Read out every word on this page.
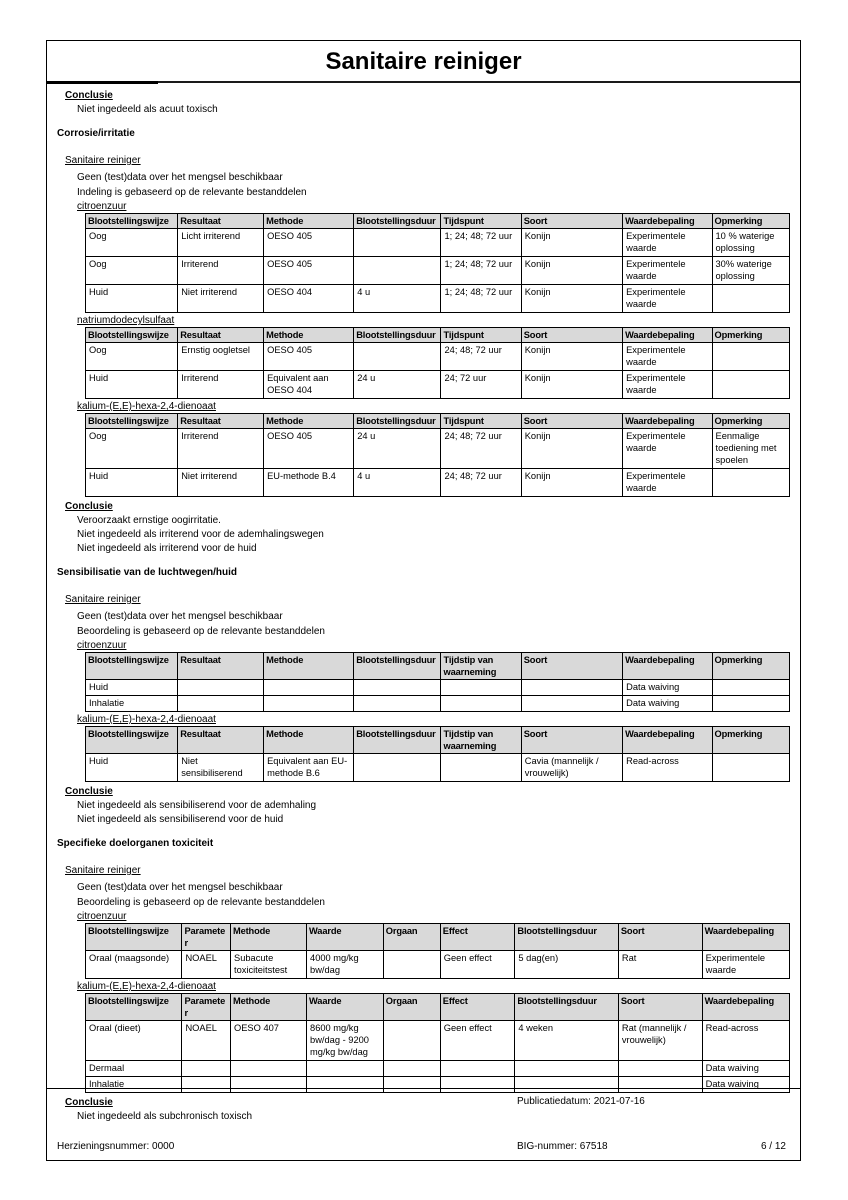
Sanitaire reiniger
Conclusie
Niet ingedeeld als acuut toxisch
Corrosie/irritatie
Sanitaire reiniger
Geen (test)data over het mengsel beschikbaar
Indeling is gebaseerd op de relevante bestanddelen
citroenzuur
Blootstellingswijze	Resultaat	Methode	Blootstellingsduur	Tijdspunt	Soort	Waardebepaling	Opmerking
Oog	Licht irriterend	OESO 405		1; 24; 48; 72 uur	Konijn	Experimentele waarde	10 % waterige oplossing
Oog	Irriterend	OESO 405		1; 24; 48; 72 uur	Konijn	Experimentele waarde	30% waterige oplossing
Huid	Niet irriterend	OESO 404	4 u	1; 24; 48; 72 uur	Konijn	Experimentele waarde	
natriumdodecylsulfaat
Blootstellingswijze	Resultaat	Methode	Blootstellingsduur	Tijdspunt	Soort	Waardebepaling	Opmerking
Oog	Ernstig oogletsel	OESO 405		24; 48; 72 uur	Konijn	Experimentele waarde	
Huid	Irriterend	Equivalent aan OESO 404	24 u	24; 72 uur	Konijn	Experimentele waarde	
kalium-(E,E)-hexa-2,4-dienoaat
Blootstellingswijze	Resultaat	Methode	Blootstellingsduur	Tijdspunt	Soort	Waardebepaling	Opmerking
Oog	Irriterend	OESO 405	24 u	24; 48; 72 uur	Konijn	Experimentele waarde	Eenmalige toediening met spoelen
Huid	Niet irriterend	EU-methode B.4	4 u	24; 48; 72 uur	Konijn	Experimentele waarde	
Conclusie
Veroorzaakt ernstige oogirritatie.
Niet ingedeeld als irriterend voor de ademhalingswegen
Niet ingedeeld als irriterend voor de huid
Sensibilisatie van de luchtwegen/huid
Sanitaire reiniger
Geen (test)data over het mengsel beschikbaar
Beoordeling is gebaseerd op de relevante bestanddelen
citroenzuur
Blootstellingswijze	Resultaat	Methode	Blootstellingsduur	Tijdstip van waarneming	Soort	Waardebepaling	Opmerking
Huid						Data waiving	
Inhalatie						Data waiving	
kalium-(E,E)-hexa-2,4-dienoaat
Blootstellingswijze	Resultaat	Methode	Blootstellingsduur	Tijdstip van waarneming	Soort	Waardebepaling	Opmerking
Huid	Niet sensibiliserend	Equivalent aan EU-methode B.6			Cavia (mannelijk / vrouwelijk)	Read-across	
Conclusie
Niet ingedeeld als sensibiliserend voor de ademhaling
Niet ingedeeld als sensibiliserend voor de huid
Specifieke doelorganen toxiciteit
Sanitaire reiniger
Geen (test)data over het mengsel beschikbaar
Beoordeling is gebaseerd op de relevante bestanddelen
citroenzuur
Blootstellingswijze	Parameter	Methode	Waarde	Orgaan	Effect	Blootstellingsduur	Soort	Waardebepaling
Oraal (maagsonde)	NOAEL	Subacute toxiciteitstest	4000 mg/kg bw/dag		Geen effect	5 dag(en)	Rat	Experimentele waarde
kalium-(E,E)-hexa-2,4-dienoaat
Blootstellingswijze	Parameter	Methode	Waarde	Orgaan	Effect	Blootstellingsduur	Soort	Waardebepaling
Oraal (dieet)	NOAEL	OESO 407	8600 mg/kg bw/dag - 9200 mg/kg bw/dag		Geen effect	4 weken	Rat (mannelijk / vrouwelijk)	Read-across
Dermaal								Data waiving
Inhalatie								Data waiving
Conclusie
Niet ingedeeld als subchronisch toxisch
Publicatiedatum: 2021-07-16
Herzieningsnummer: 0000	BIG-nummer: 67518	6 / 12
